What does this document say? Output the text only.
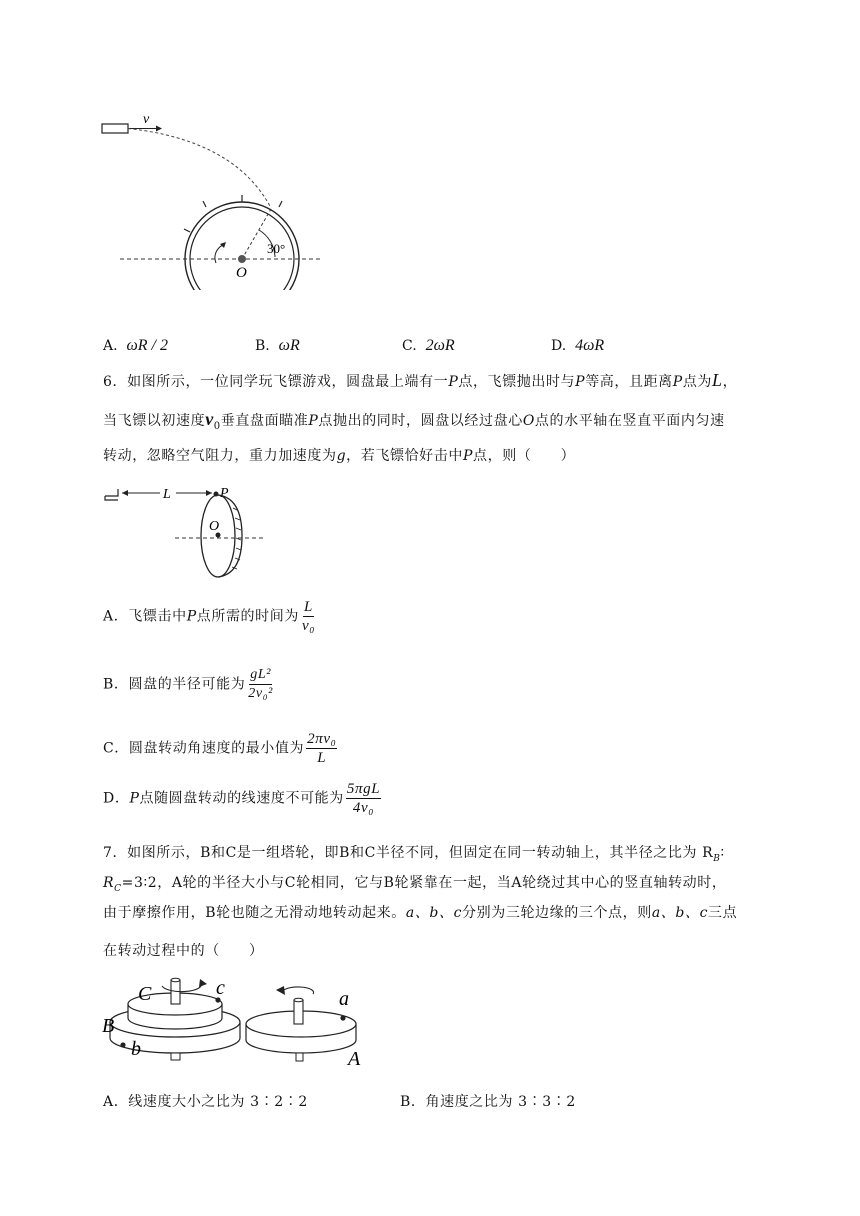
v
30°
O
A. ωR / 2	B. ωR	C. 2ωR	D. 4ωR
6．如图所示，一位同学玩飞镖游戏，圆盘最上端有一P点，飞镖抛出时与P等高，且距离P点为L，
当飞镖以初速度$v_0$垂直盘面瞄准P点抛出的同时，圆盘以经过盘心O点的水平轴在竖直平面内匀速
转动，忽略空气阻力，重力加速度为g，若飞镖恰好击中P点，则（　　）
L	P
O
A．飞镖击中P点所需的时间为 $\frac{L}{\text{v₀}}$
B．圆盘的半径可能为 $\frac{\text{gL²}}{\text{2v₀²}}$
C．圆盘转动角速度的最小值为 $\frac{\text{2πv₀}}{L}$
D．P点随圆盘转动的线速度不可能为 $\frac{\text{5πgL}}{\text{4v₀}}$
7．如图所示，B和C是一组塔轮，即B和C半径不同，但固定在同一转动轴上，其半径之比为 $R_B∶$
$R_C=3∶2$，A轮的半径大小与C轮相同，它与B轮紧靠在一起，当A轮绕过其中心的竖直轴转动时，
由于摩擦作用，B轮也随之无滑动地转动起来。a、b、c分别为三轮边缘的三个点，则a、b、c三点
在转动过程中的（　　）
C	c
B
b
a
A
A．线速度大小之比为 3∶2∶2	B．角速度之比为 3∶3∶2
